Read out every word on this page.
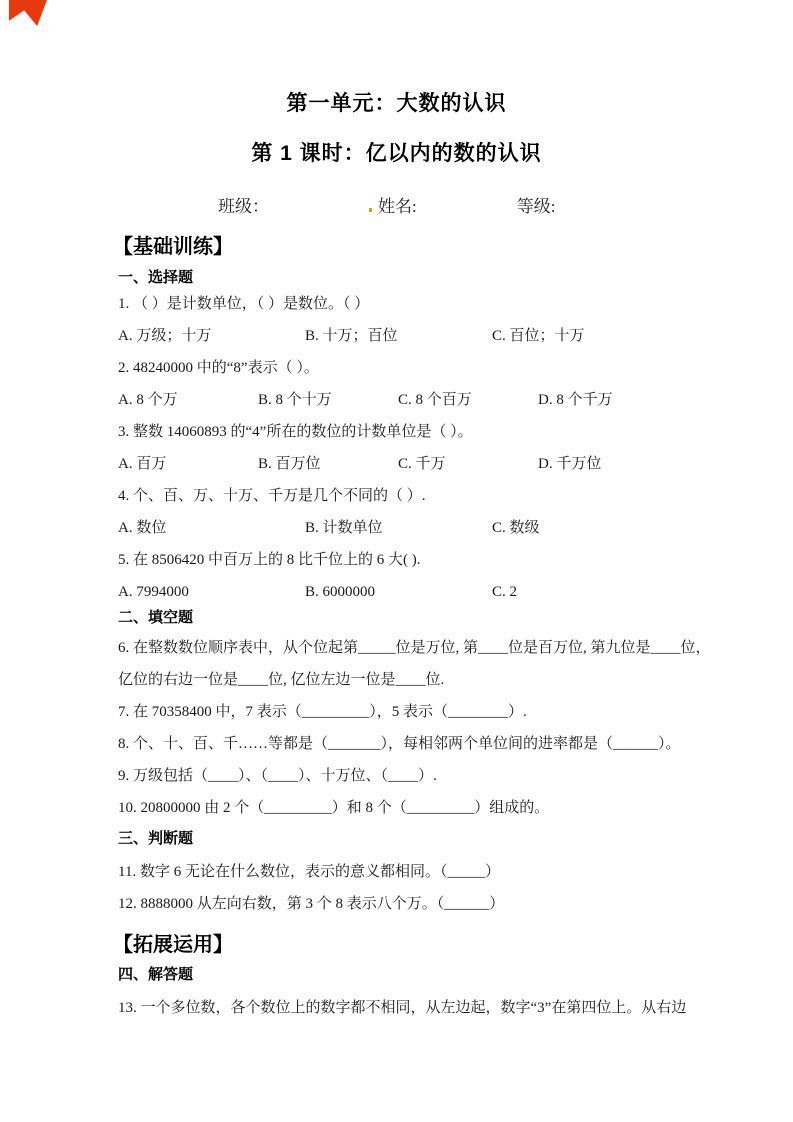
第一单元：大数的认识
第 1 课时：亿以内的数的认识
班级：	姓名:	等级:
【基础训练】
一、选择题

1. （ ）是计数单位，（ ）是数位。（ ）

A. 万级；十万	B. 十万；百位	C. 百位；十万

2. 48240000 中的“8”表示（ ）。

A. 8 个万	B. 8 个十万	C. 8 个百万	D. 8 个千万

3. 整数 14060893 的“4”所在的数位的计数单位是（ ）。

A. 百万	B. 百万位	C. 千万	D. 千万位

4. 个、百、万、十万、千万是几个不同的（ ）.

A. 数位	B. 计数单位	C. 数级

5. 在 8506420 中百万上的 8 比千位上的 6 大( ).

A. 7994000	B. 6000000	C. 2
二、填空题

6. 在整数数位顺序表中，从个位起第_____位是万位, 第____位是百万位, 第九位是____位，
亿位的右边一位是____位, 亿位左边一位是____位.

7. 在 70358400 中，7 表示（_________），5 表示（________）.

8. 个、十、百、千……等都是（_______），每相邻两个单位间的进率都是（______）。

9. 万级包括（____）、（____）、十万位、（____）.

10. 20800000 由 2 个（_________）和 8 个（_________）组成的。

三、判断题

11. 数字 6 无论在什么数位，表示的意义都相同。（_____）

12. 8888000 从左向右数，第 3 个 8 表示八个万。（______）

【拓展运用】
四、解答题

13. 一个多位数，各个数位上的数字都不相同，从左边起，数字“3”在第四位上。从右边
